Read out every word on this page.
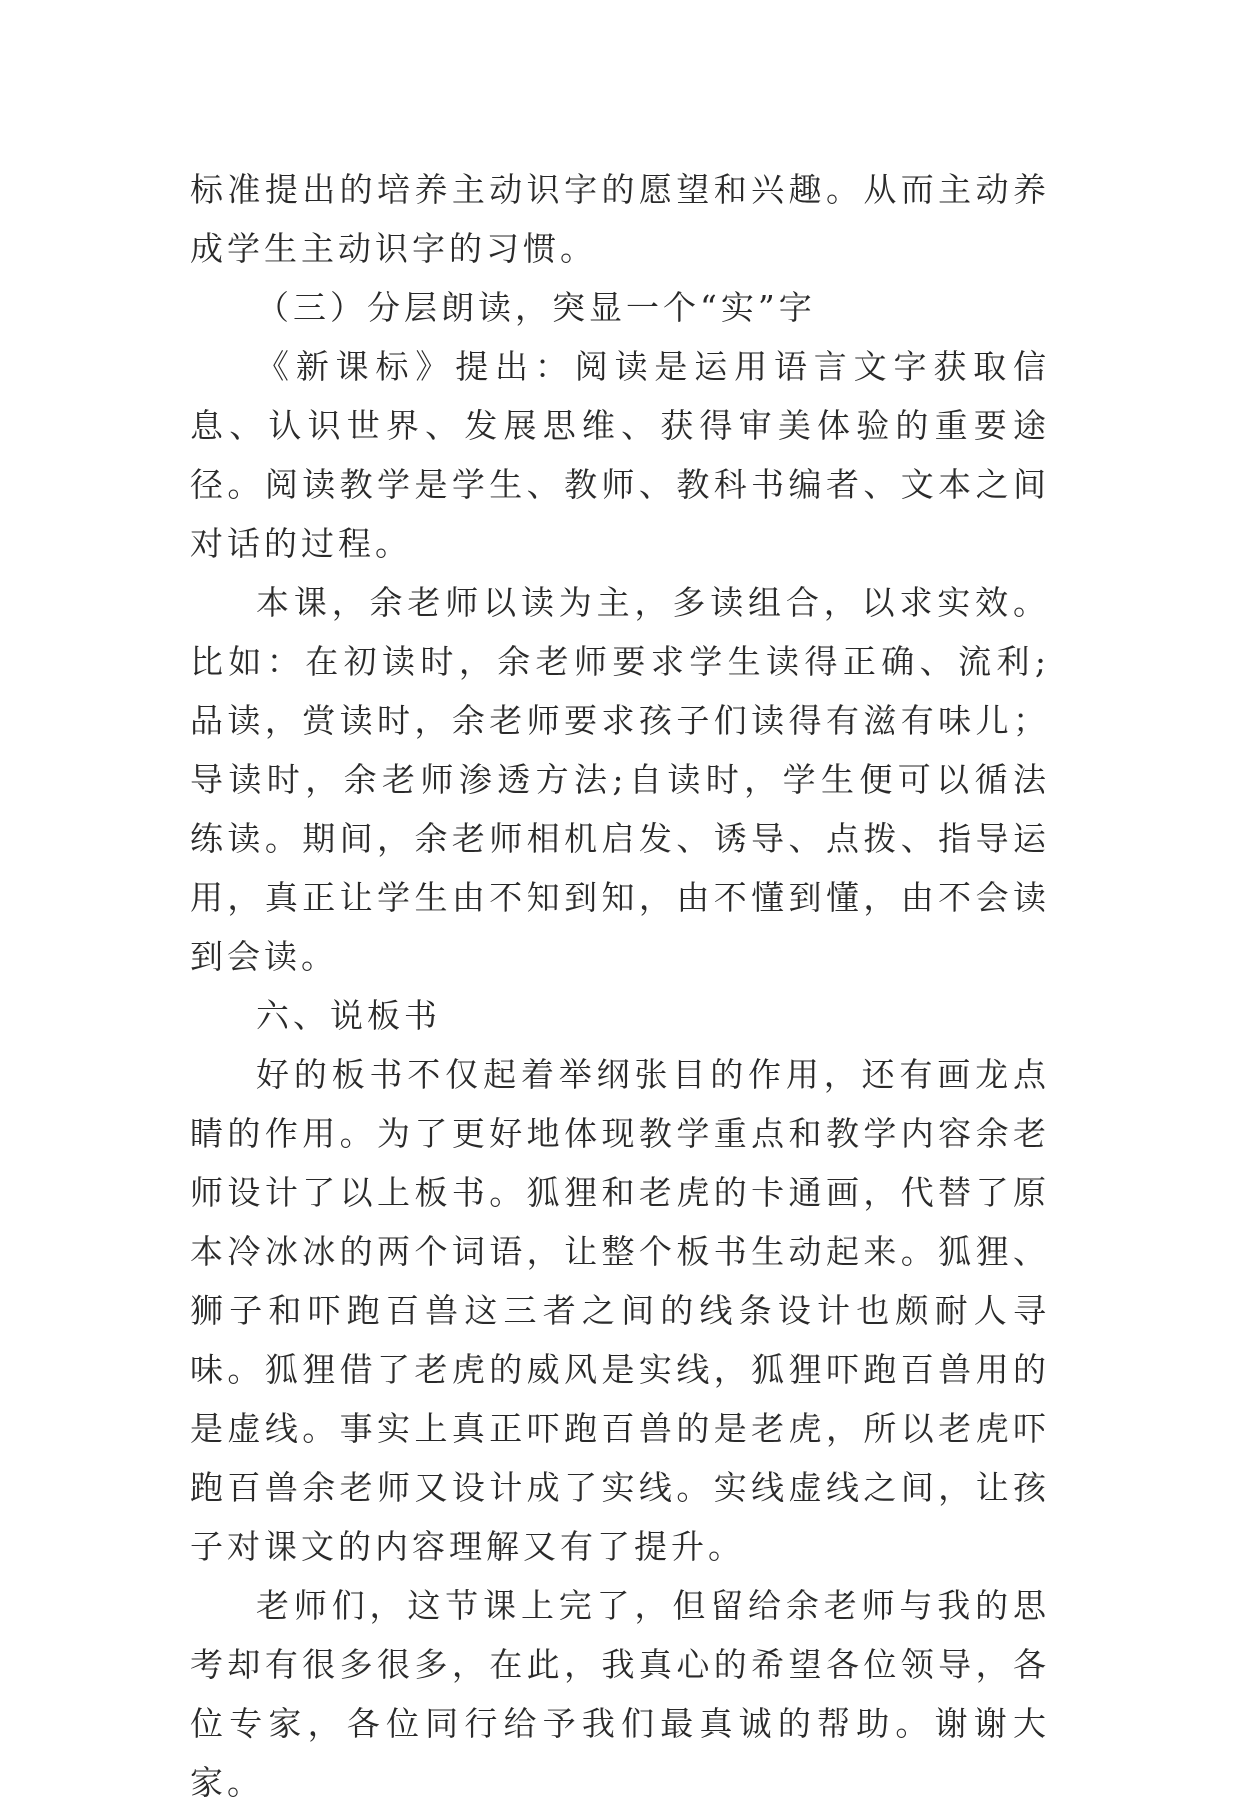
标准提出的培养主动识字的愿望和兴趣。从而主动养成学生主动识字的习惯。

（三）分层朗读，突显一个“实”字

《新课标》提出：阅读是运用语言文字获取信息、认识世界、发展思维、获得审美体验的重要途径。阅读教学是学生、教师、教科书编者、文本之间对话的过程。

本课，余老师以读为主，多读组合，以求实效。比如：在初读时，余老师要求学生读得正确、流利;品读，赏读时，余老师要求孩子们读得有滋有味儿；导读时，余老师渗透方法;自读时，学生便可以循法练读。期间，余老师相机启发、诱导、点拨、指导运用，真正让学生由不知到知，由不懂到懂，由不会读到会读。

六、说板书

好的板书不仅起着举纲张目的作用，还有画龙点睛的作用。为了更好地体现教学重点和教学内容余老师设计了以上板书。狐狸和老虎的卡通画，代替了原本冷冰冰的两个词语，让整个板书生动起来。狐狸、狮子和吓跑百兽这三者之间的线条设计也颇耐人寻味。狐狸借了老虎的威风是实线，狐狸吓跑百兽用的是虚线。事实上真正吓跑百兽的是老虎，所以老虎吓跑百兽余老师又设计成了实线。实线虚线之间，让孩子对课文的内容理解又有了提升。

老师们，这节课上完了，但留给余老师与我的思考却有很多很多，在此，我真心的希望各位领导，各位专家，各位同行给予我们最真诚的帮助。谢谢大家。
